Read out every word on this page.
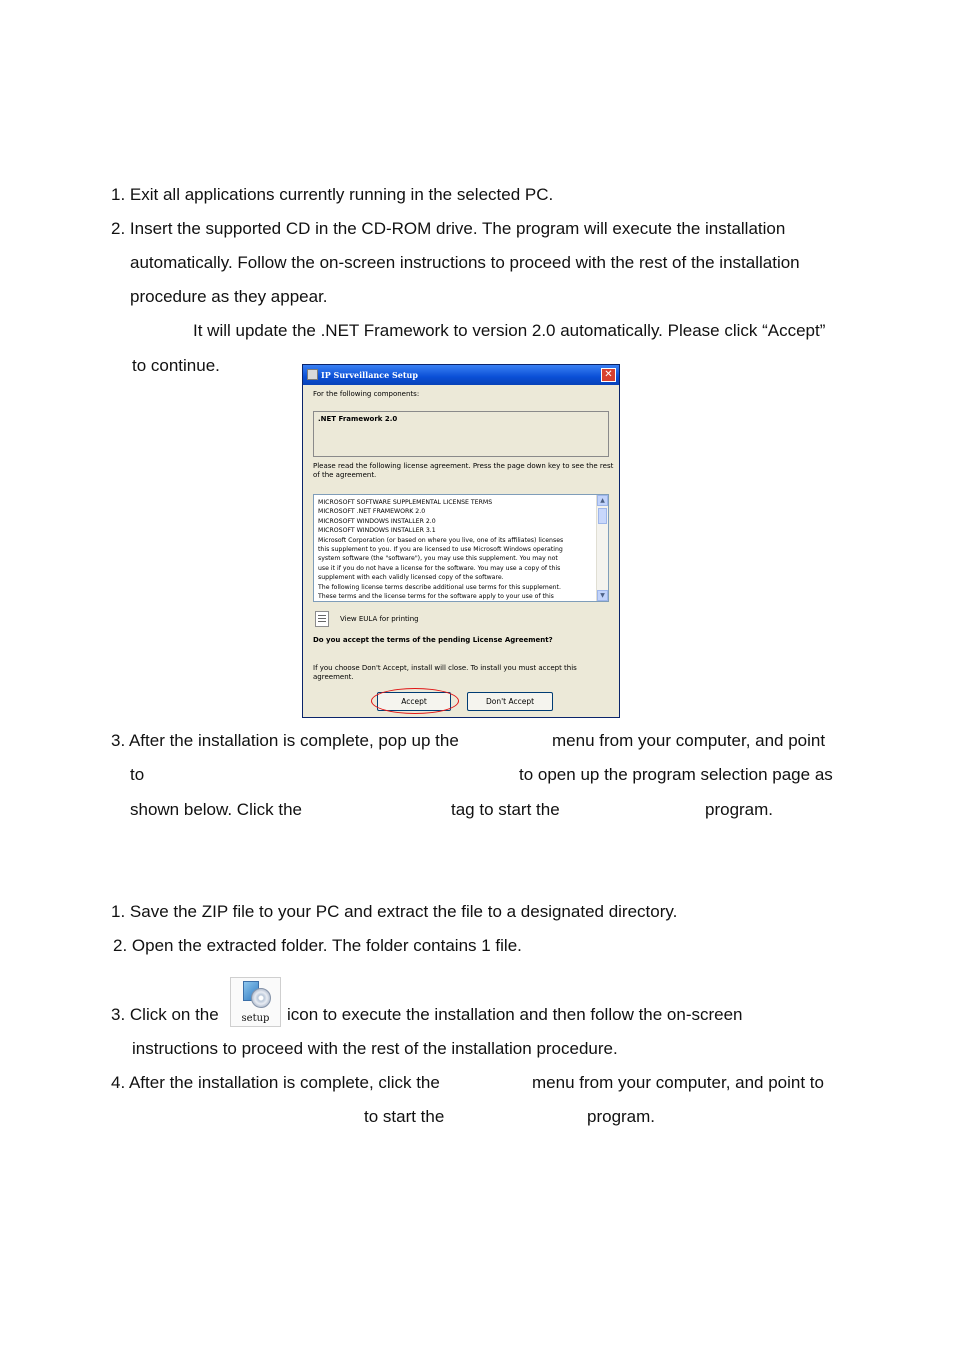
1. Exit all applications currently running in the selected PC.
2. Insert the supported CD in the CD-ROM drive. The program will execute the installation
automatically. Follow the on-screen instructions to proceed with the rest of the installation
procedure as they appear.
It will update the .NET Framework to version 2.0 automatically. Please click “Accept”
to continue.	IP Surveillance Setup	✕
For the following components:
.NET Framework 2.0
Please read the following license agreement. Press the page down key to see the rest
of the agreement.
MICROSOFT SOFTWARE SUPPLEMENTAL LICENSE TERMS
MICROSOFT .NET FRAMEWORK 2.0
MICROSOFT WINDOWS INSTALLER 2.0
MICROSOFT WINDOWS INSTALLER 3.1
Microsoft Corporation (or based on where you live, one of its affiliates) licenses
this supplement to you. If you are licensed to use Microsoft Windows operating
system software (the "software"), you may use this supplement. You may not
use it if you do not have a license for the software. You may use a copy of this
supplement with each validly licensed copy of the software.
The following license terms describe additional use terms for this supplement.
These terms and the license terms for the software apply to your use of this
▲
▼
View EULA for printing
Do you accept the terms of the pending License Agreement?
If you choose Don't Accept, install will close. To install you must accept this
agreement.
Accept	Don't Accept
3. After the installation is complete, pop up the	menu from your computer, and point
to	to open up the program selection page as
shown below. Click the	tag to start the	program.
1. Save the ZIP file to your PC and extract the file to a designated directory.
2. Open the extracted folder. The folder contains 1 file.
3. Click on the	setup	icon to execute the installation and then follow the on-screen
instructions to proceed with the rest of the installation procedure.
4. After the installation is complete, click the	menu from your computer, and point to
to start the	program.
